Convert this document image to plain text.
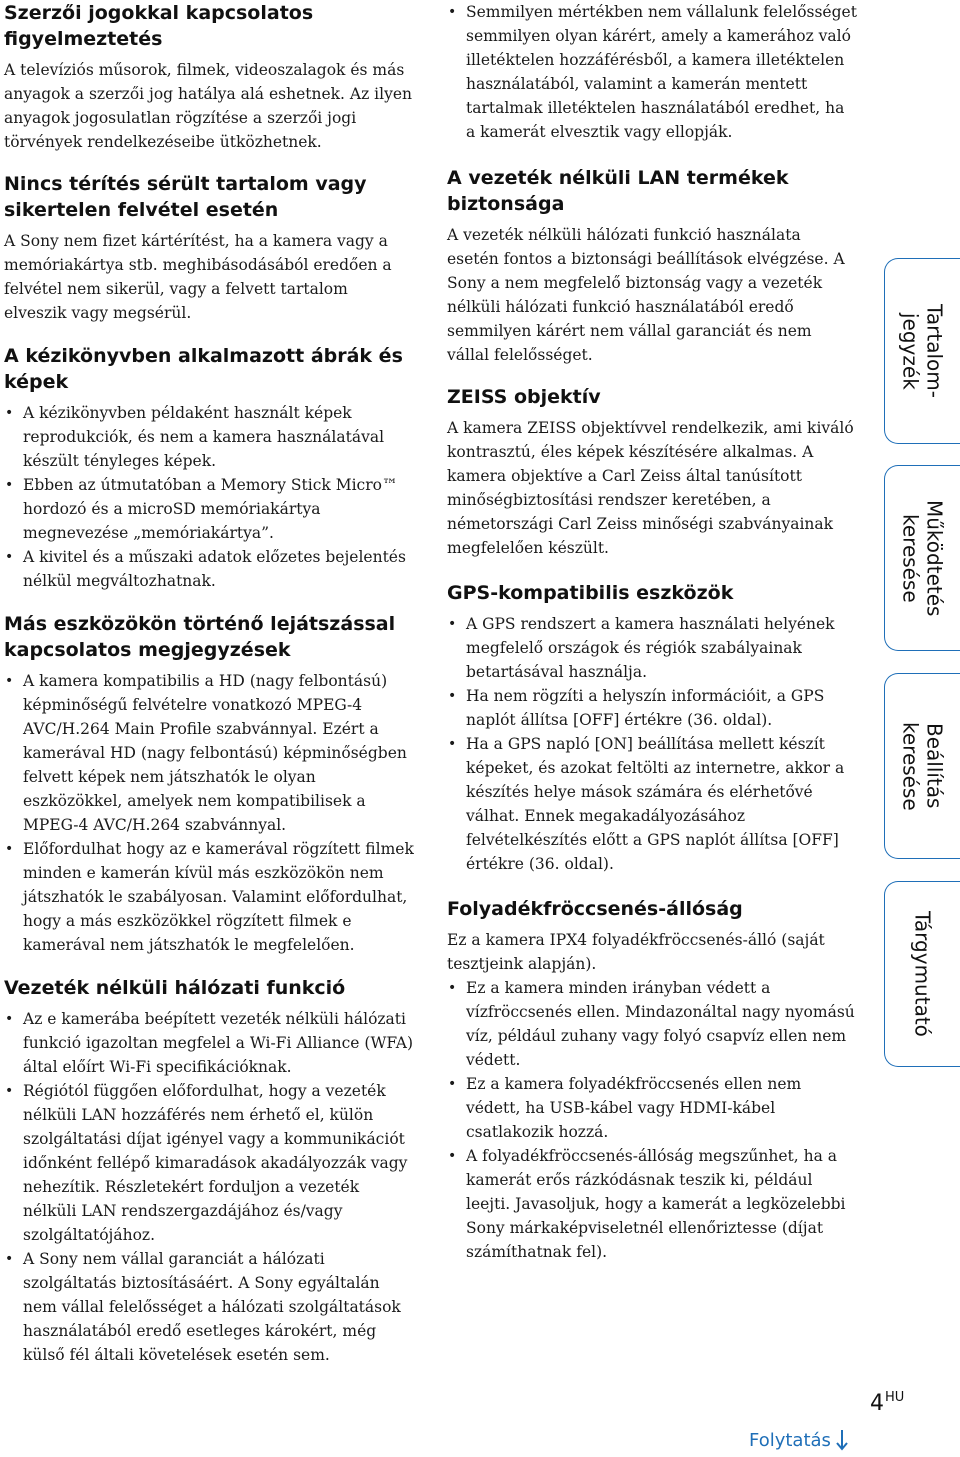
Szerzői jogokkal kapcsolatos figyelmeztetés

A televíziós műsorok, filmek, videoszalagok és más anyagok a szerzői jog hatálya alá eshetnek. Az ilyen anyagok jogosulatlan rögzítése a szerzői jogi törvények rendelkezéseibe ütközhetnek.

Nincs térítés sérült tartalom vagy sikertelen felvétel esetén

A Sony nem fizet kártérítést, ha a kamera vagy a memóriakártya stb. meghibásodásából eredően a felvétel nem sikerül, vagy a felvett tartalom elveszik vagy megsérül.

A kézikönyvben alkalmazott ábrák és képek
• A kézikönyvben példaként használt képek reprodukciók, és nem a kamera használatával készült tényleges képek.
• Ebben az útmutatóban a Memory Stick Micro™ hordozó és a microSD memóriakártya megnevezése „memóriakártya”.
• A kivitel és a műszaki adatok előzetes bejelentés nélkül megváltozhatnak.
Más eszközökön történő lejátszással kapcsolatos megjegyzések
• A kamera kompatibilis a HD (nagy felbontású) képminőségű felvételre vonatkozó MPEG-4 AVC/H.264 Main Profile szabvánnyal. Ezért a kamerával HD (nagy felbontású) képminőségben felvett képek nem játszhatók le olyan eszközökkel, amelyek nem kompatibilisek a MPEG-4 AVC/H.264 szabvánnyal.
• Előfordulhat hogy az e kamerával rögzített filmek minden e kamerán kívül más eszközökön nem játszhatók le szabályosan. Valamint előfordulhat, hogy a más eszközökkel rögzített filmek e kamerával nem játszhatók le megfelelően.
Vezeték nélküli hálózati funkció
• Az e kamerába beépített vezeték nélküli hálózati funkció igazoltan megfelel a Wi-Fi Alliance (WFA) által előírt Wi-Fi specifikációknak.
• Régiótól függően előfordulhat, hogy a vezeték nélküli LAN hozzáférés nem érhető el, külön szolgáltatási díjat igényel vagy a kommunikációt időnként fellépő kimaradások akadályozzák vagy nehezítik. Részletekért forduljon a vezeték nélküli LAN rendszergazdájához és/vagy szolgáltatójához.
• A Sony nem vállal garanciát a hálózati szolgáltatás biztosításáért. A Sony egyáltalán nem vállal felelősséget a hálózati szolgáltatások használatából eredő esetleges károkért, még külső fél általi követelések esetén sem.
• Semmilyen mértékben nem vállalunk felelősséget semmilyen olyan kárért, amely a kamerához való illetéktelen hozzáférésből, a kamera illetéktelen használatából, valamint a kamerán mentett tartalmak illetéktelen használatából eredhet, ha a kamerát elvesztik vagy ellopják.
A vezeték nélküli LAN termékek biztonsága

A vezeték nélküli hálózati funkció használata esetén fontos a biztonsági beállítások elvégzése. A Sony a nem megfelelő biztonság vagy a vezeték nélküli hálózati funkció használatából eredő semmilyen kárért nem vállal garanciát és nem vállal felelősséget.

ZEISS objektív

A kamera ZEISS objektívvel rendelkezik, ami kiváló kontrasztú, éles képek készítésére alkalmas. A kamera objektíve a Carl Zeiss által tanúsított minőségbiztosítási rendszer keretében, a németországi Carl Zeiss minőségi szabványainak megfelelően készült.

GPS-kompatibilis eszközök
• A GPS rendszert a kamera használati helyének megfelelő országok és régiók szabályainak betartásával használja.
• Ha nem rögzíti a helyszín információit, a GPS naplót állítsa [OFF] értékre (36. oldal).
• Ha a GPS napló [ON] beállítása mellett készít képeket, és azokat feltölti az internetre, akkor a készítés helye mások számára és elérhetővé válhat. Ennek megakadályozásához felvételkészítés előtt a GPS naplót állítsa [OFF] értékre (36. oldal).
Folyadékfröccsenés-állóság

Ez a kamera IPX4 folyadékfröccsenés-álló (saját tesztjeink alapján).

• Ez a kamera minden irányban védett a vízfröccsenés ellen. Mindazonáltal nagy nyomású víz, például zuhany vagy folyó csapvíz ellen nem védett.
• Ez a kamera folyadékfröccsenés ellen nem védett, ha USB-kábel vagy HDMI-kábel csatlakozik hozzá.
• A folyadékfröccsenés-állóság megszűnhet, ha a kamerát erős rázkódásnak teszik ki, például leejti. Javasoljuk, hogy a kamerát a legközelebbi Sony márkaképviseletnél ellenőriztesse (díjat számíthatnak fel).
Tartalom-
jegyzék
Működtetés
keresése
Beállítás
keresése
Tárgymutató
$4^{HU}$
Folytatás
